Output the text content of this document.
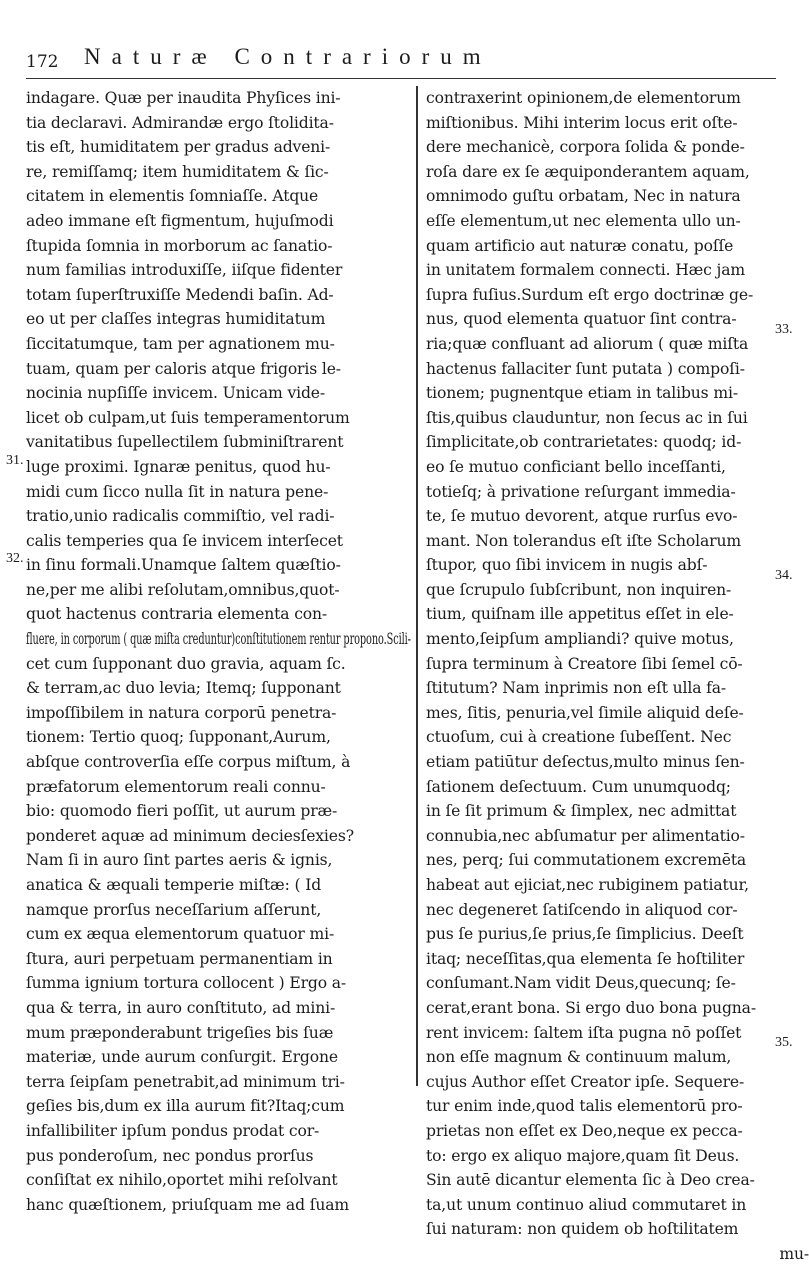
172 Naturæ Contrariorum
indagare. Quæ per inaudita Phyſices ini-
tia declaravi. Admirandæ ergo ſtolidita-
tis eſt, humiditatem per gradus adveni-
re, remiſſamq; item humiditatem & ſic-
citatem in elementis ſomniaſſe. Atque
adeo immane eſt figmentum, hujuſmodi
ſtupida ſomnia in morborum ac ſanatio-
num familias introduxiſſe, iiſque fidenter
totam ſuperſtruxiſſe Medendi baſin. Ad-
eo ut per claſſes integras humiditatum
ſiccitatumque, tam per agnationem mu-
tuam, quam per caloris atque frigoris le-
nocinia nupſiſſe invicem. Unicam vide-
licet ob culpam,ut ſuis temperamentorum
vanitatibus ſupellectilem ſubminiſtrarent
luge proximi. Ignaræ penitus, quod hu-
midi cum ſicco nulla ſit in natura pene-
tratio,unio radicalis commiſtio, vel radi-
calis temperies qua ſe invicem interſecet
in ſinu formali.Unamque ſaltem quæſtio-
ne,per me alibi reſolutam,omnibus,quot-
quot hactenus contraria elementa con-
fluere, in corporum ( quæ miſta creduntur)conſtitutionem rentur propono.Scili-
cet cum ſupponant duo gravia, aquam ſc.
& terram,ac duo levia; Itemq; ſupponant
impoſſibilem in natura corporū penetra-
tionem: Tertio quoq; ſupponant,Aurum,
abſque controverſia eſſe corpus miſtum, à
præfatorum elementorum reali connu-
bio: quomodo fieri poſſit, ut aurum præ-
ponderet aquæ ad minimum deciesſexies?
Nam ſi in auro ſint partes aeris & ignis,
anatica & æquali temperie miſtæ: ( Id
namque prorſus neceſſarium aſſerunt,
cum ex æqua elementorum quatuor mi-
ſtura, auri perpetuam permanentiam in
ſumma ignium tortura collocent ) Ergo a-
qua & terra, in auro conſtituto, ad mini-
mum præponderabunt trigeſies bis ſuæ
materiæ, unde aurum conſurgit. Ergone
terra ſeipſam penetrabit,ad minimum tri-
geſies bis,dum ex illa aurum fit?Itaq;cum
infallibiliter ipſum pondus prodat cor-
pus ponderoſum, nec pondus prorſus
conſiſtat ex nihilo,oportet mihi reſolvant
hanc quæſtionem, priuſquam me ad ſuam
contraxerint opinionem,de elementorum
miſtionibus. Mihi interim locus erit oſte-
dere mechanicè, corpora ſolida & ponde-
roſa dare ex ſe æquiponderantem aquam,
omnimodo guſtu orbatam, Nec in natura
eſſe elementum,ut nec elementa ullo un-
quam artificio aut naturæ conatu, poſſe
in unitatem formalem connecti. Hæc jam
ſupra fuſius.Surdum eſt ergo doctrinæ ge-
nus, quod elementa quatuor ſint contra-
ria;quæ confluant ad aliorum ( quæ miſta
hactenus fallaciter ſunt putata ) compoſi-
tionem; pugnentque etiam in talibus mi-
ſtis,quibus clauduntur, non ſecus ac in ſui
ſimplicitate,ob contrarietates: quodq; id-
eo ſe mutuo conficiant bello inceſſanti,
totieſq; à privatione reſurgant immedia-
te, ſe mutuo devorent, atque rurſus evo-
mant. Non tolerandus eſt iſte Scholarum
ſtupor, quo ſibi invicem in nugis abſ-
que ſcrupulo ſubſcribunt, non inquiren-
tium, quiſnam ille appetitus eſſet in ele-
mento,ſeipſum ampliandi? quive motus,
ſupra terminum à Creatore ſibi ſemel cō-
ſtitutum? Nam inprimis non eſt ulla fa-
mes, ſitis, penuria,vel ſimile aliquid deſe-
ctuoſum, cui à creatione ſubeſſent. Nec
etiam patiūtur deſectus,multo minus ſen-
ſationem deſectuum. Cum unumquodq;
in ſe ſit primum & ſimplex, nec admittat
connubia,nec abſumatur per alimentatio-
nes, perq; ſui commutationem excremēta
habeat aut ejiciat,nec rubiginem patiatur,
nec degeneret ſatiſcendo in aliquod cor-
pus ſe purius,ſe prius,ſe ſimplicius. Deeſt
itaq; neceſſitas,qua elementa ſe hoſtiliter
conſumant.Nam vidit Deus,quecunq; ſe-
cerat,erant bona. Si ergo duo bona pugna-
rent invicem: ſaltem iſta pugna nō poſſet
non eſſe magnum & continuum malum,
cujus Author eſſet Creator ipſe. Sequere-
tur enim inde,quod talis elementorū pro-
prietas non eſſet ex Deo,neque ex pecca-
to: ergo ex aliquo majore,quam ſit Deus.
Sin autē dicantur elementa ſic à Deo crea-
ta,ut unum continuo aliud commutaret in
ſui naturam: non quidem ob hoſtilitatem
mu-
31.
32.
33.
34.
35.
